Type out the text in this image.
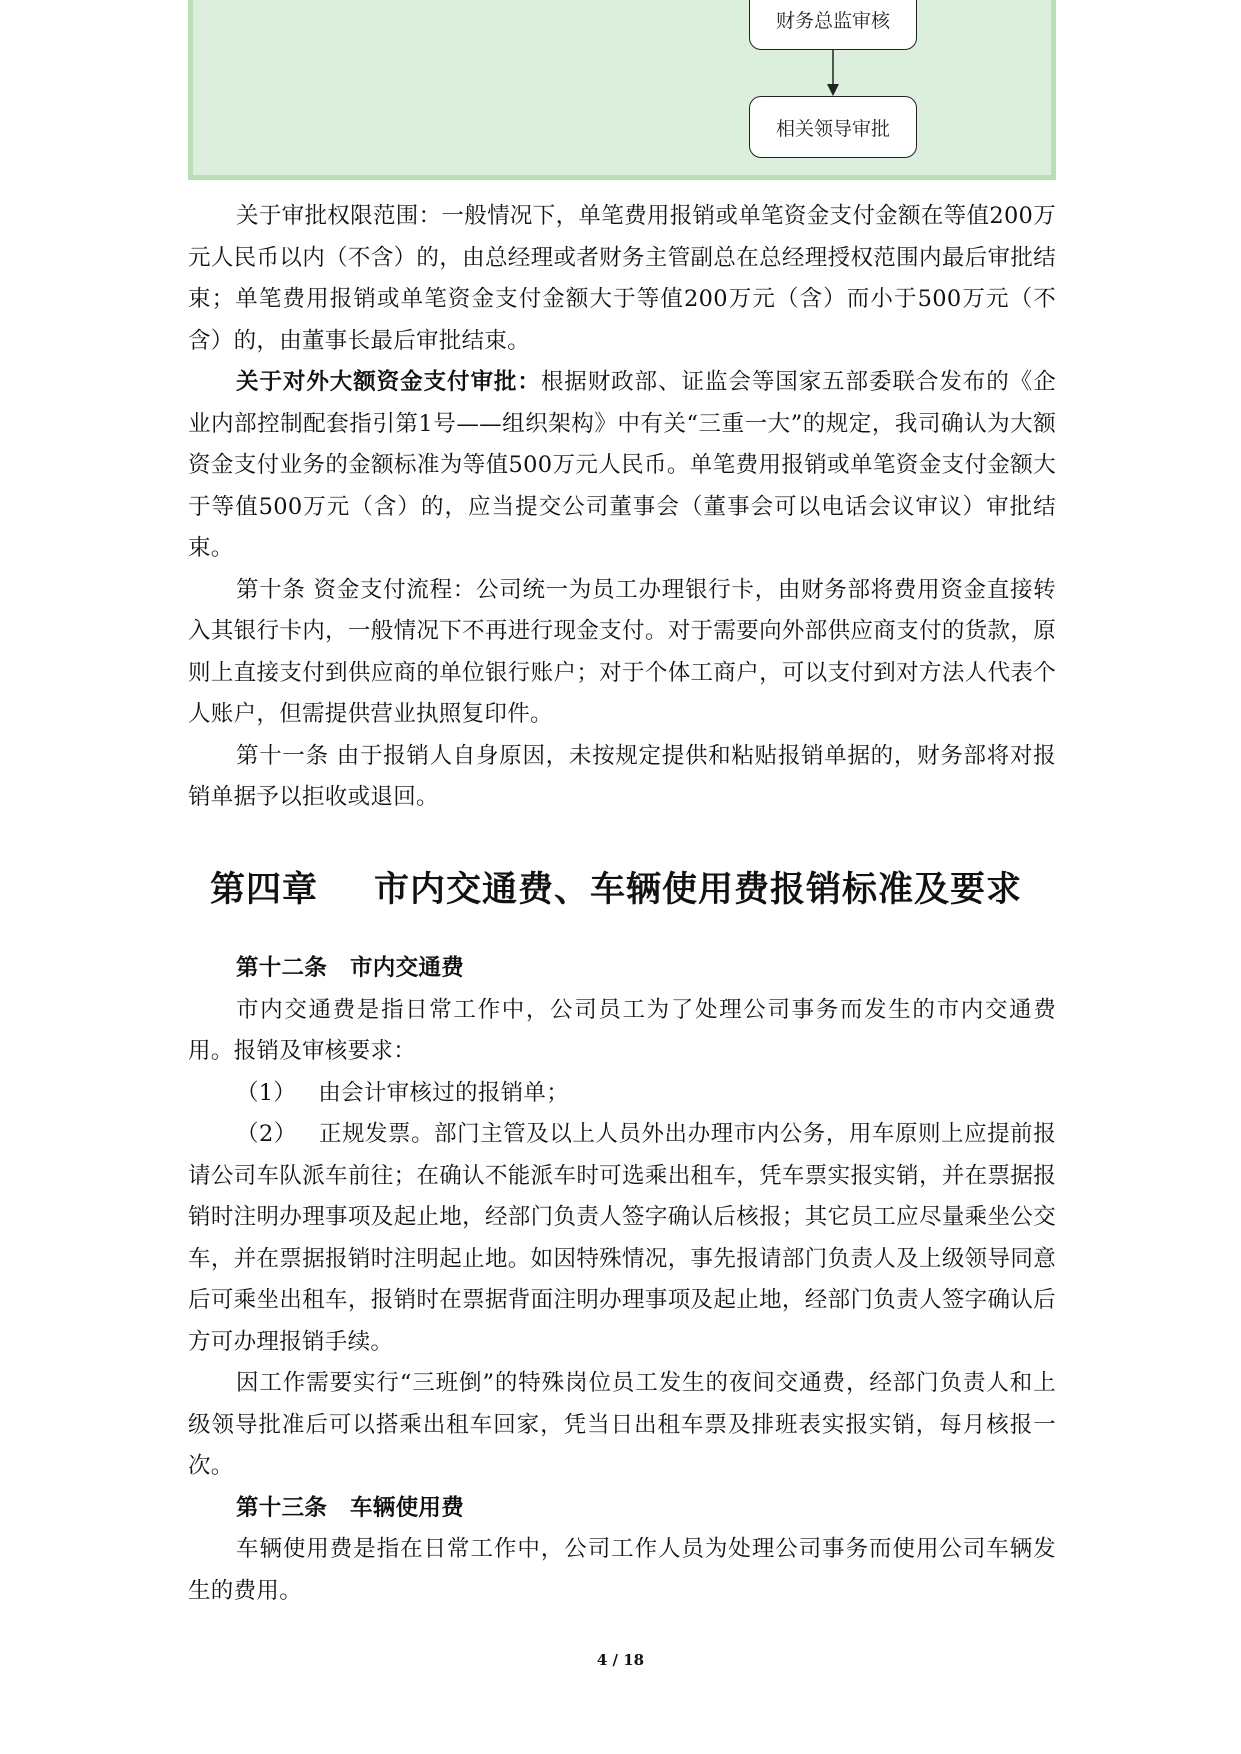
财务总监审核
相关领导审批

关于审批权限范围：一般情况下，单笔费用报销或单笔资金支付金额在等值200万元人民币以内（不含）的，由总经理或者财务主管副总在总经理授权范围内最后审批结束；单笔费用报销或单笔资金支付金额大于等值200万元（含）而小于500万元（不含）的，由董事长最后审批结束。

关于对外大额资金支付审批：根据财政部、证监会等国家五部委联合发布的《企业内部控制配套指引第1号——组织架构》中有关“三重一大”的规定，我司确认为大额资金支付业务的金额标准为等值500万元人民币。单笔费用报销或单笔资金支付金额大于等值500万元（含）的，应当提交公司董事会（董事会可以电话会议审议）审批结束。

第十条 资金支付流程：公司统一为员工办理银行卡，由财务部将费用资金直接转入其银行卡内，一般情况下不再进行现金支付。对于需要向外部供应商支付的货款，原则上直接支付到供应商的单位银行账户；对于个体工商户，可以支付到对方法人代表个人账户，但需提供营业执照复印件。

第十一条 由于报销人自身原因，未按规定提供和粘贴报销单据的，财务部将对报销单据予以拒收或退回。

第四章 市内交通费、车辆使用费报销标准及要求

第十二条　市内交通费

市内交通费是指日常工作中，公司员工为了处理公司事务而发生的市内交通费用。报销及审核要求：

（1） 由会计审核过的报销单；

（2） 正规发票。部门主管及以上人员外出办理市内公务，用车原则上应提前报请公司车队派车前往；在确认不能派车时可选乘出租车，凭车票实报实销，并在票据报销时注明办理事项及起止地，经部门负责人签字确认后核报；其它员工应尽量乘坐公交车，并在票据报销时注明起止地。如因特殊情况，事先报请部门负责人及上级领导同意后可乘坐出租车，报销时在票据背面注明办理事项及起止地，经部门负责人签字确认后方可办理报销手续。

因工作需要实行“三班倒”的特殊岗位员工发生的夜间交通费，经部门负责人和上级领导批准后可以搭乘出租车回家，凭当日出租车票及排班表实报实销，每月核报一次。

第十三条　车辆使用费

车辆使用费是指在日常工作中，公司工作人员为处理公司事务而使用公司车辆发生的费用。

4 / 18
